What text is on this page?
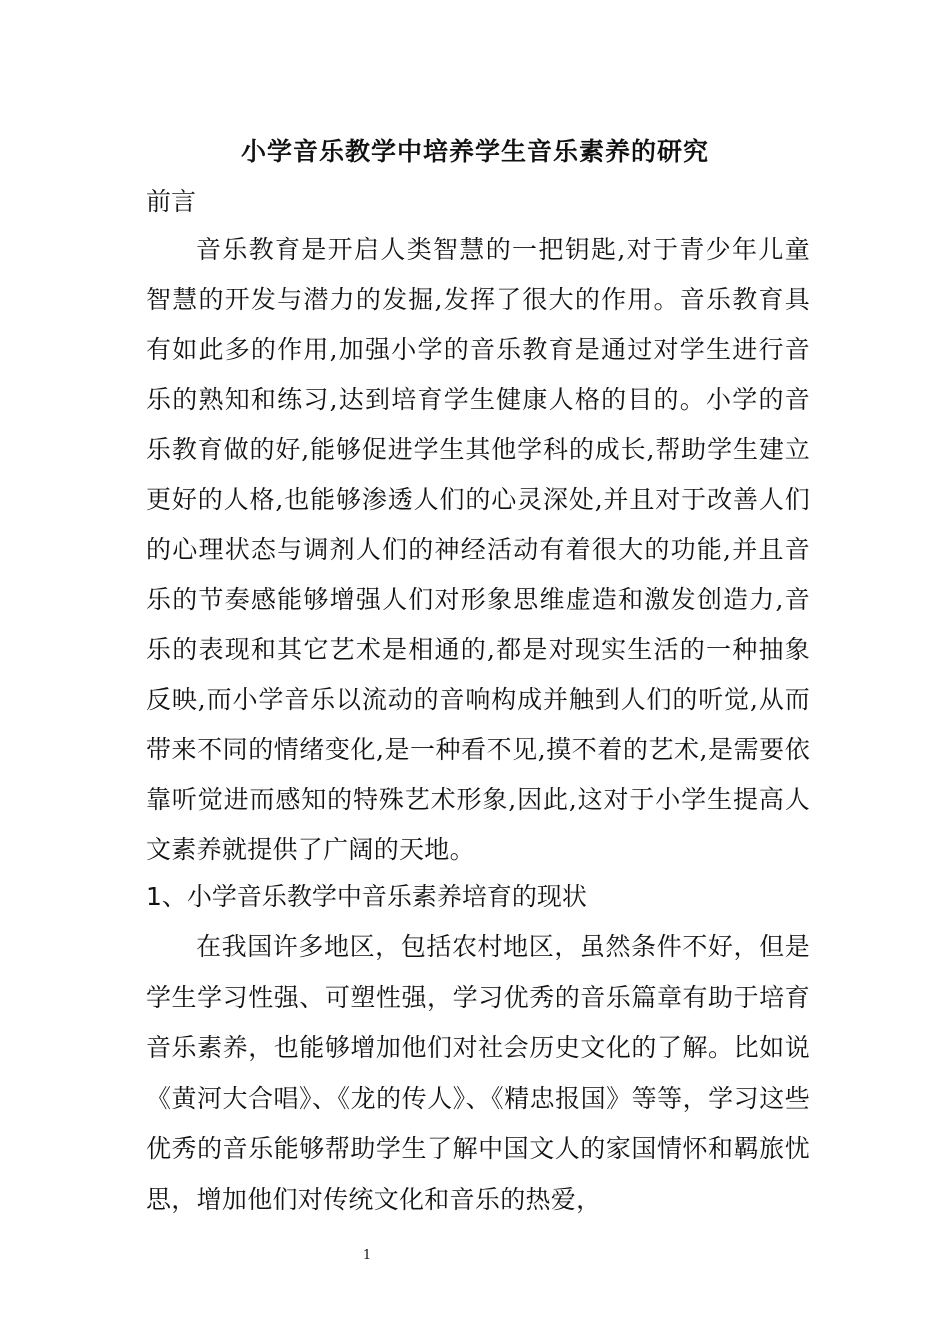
小学音乐教学中培养学生音乐素养的研究
前言

音乐教育是开启人类智慧的一把钥匙,对于青少年儿童智慧的开发与潜力的发掘,发挥了很大的作用。音乐教育具有如此多的作用,加强小学的音乐教育是通过对学生进行音乐的熟知和练习,达到培育学生健康人格的目的。小学的音乐教育做的好,能够促进学生其他学科的成长,帮助学生建立更好的人格,也能够渗透人们的心灵深处,并且对于改善人们的心理状态与调剂人们的神经活动有着很大的功能,并且音乐的节奏感能够增强人们对形象思维虚造和激发创造力,音乐的表现和其它艺术是相通的,都是对现实生活的一种抽象反映,而小学音乐以流动的音响构成并触到人们的听觉,从而带来不同的情绪变化,是一种看不见,摸不着的艺术,是需要依靠听觉进而感知的特殊艺术形象,因此,这对于小学生提高人文素养就提供了广阔的天地。

1、小学音乐教学中音乐素养培育的现状

在我国许多地区，包括农村地区，虽然条件不好，但是学生学习性强、可塑性强，学习优秀的音乐篇章有助于培育音乐素养，也能够增加他们对社会历史文化的了解。比如说《黄河大合唱》、《龙的传人》、《精忠报国》等等，学习这些优秀的音乐能够帮助学生了解中国文人的家国情怀和羁旅忧思，增加他们对传统文化和音乐的热爱，

1
